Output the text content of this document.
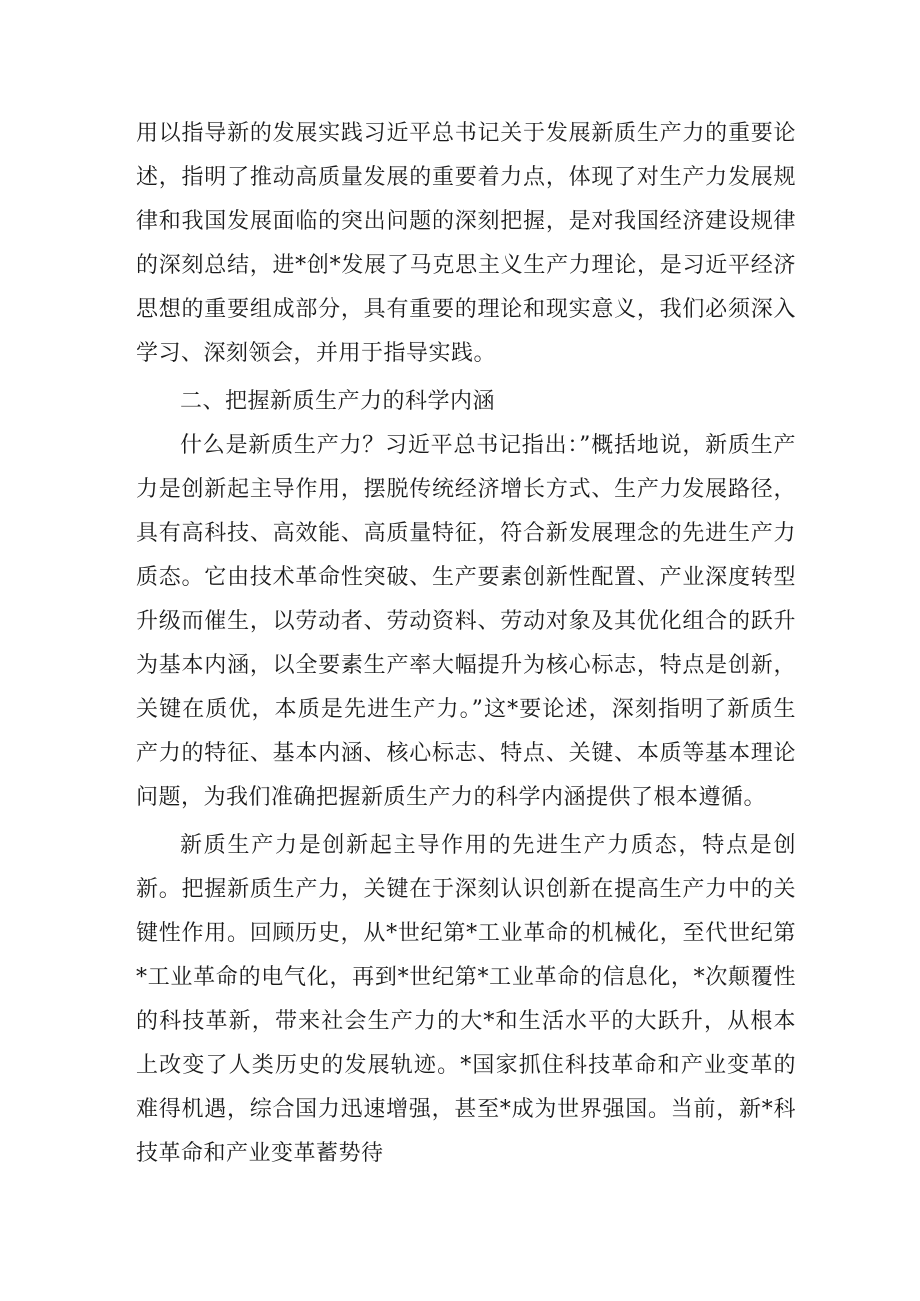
用以指导新的发展实践习近平总书记关于发展新质生产力的重要论述，指明了推动高质量发展的重要着力点，体现了对生产力发展规律和我国发展面临的突出问题的深刻把握，是对我国经济建设规律的深刻总结，进*创*发展了马克思主义生产力理论，是习近平经济思想的重要组成部分，具有重要的理论和现实意义，我们必须深入学习、深刻领会，并用于指导实践。

二、把握新质生产力的科学内涵

什么是新质生产力？习近平总书记指出：”概括地说，新质生产力是创新起主导作用，摆脱传统经济增长方式、生产力发展路径，具有高科技、高效能、高质量特征，符合新发展理念的先进生产力质态。它由技术革命性突破、生产要素创新性配置、产业深度转型升级而催生，以劳动者、劳动资料、劳动对象及其优化组合的跃升为基本内涵，以全要素生产率大幅提升为核心标志，特点是创新，关键在质优，本质是先进生产力。”这*要论述，深刻指明了新质生产力的特征、基本内涵、核心标志、特点、关键、本质等基本理论问题，为我们准确把握新质生产力的科学内涵提供了根本遵循。

新质生产力是创新起主导作用的先进生产力质态，特点是创新。把握新质生产力，关键在于深刻认识创新在提高生产力中的关键性作用。回顾历史，从*世纪第*工业革命的机械化，至代世纪第*工业革命的电气化，再到*世纪第*工业革命的信息化，*次颠覆性的科技革新，带来社会生产力的大*和生活水平的大跃升，从根本上改变了人类历史的发展轨迹。*国家抓住科技革命和产业变革的难得机遇，综合国力迅速增强，甚至*成为世界强国。当前，新*科技革命和产业变革蓄势待
